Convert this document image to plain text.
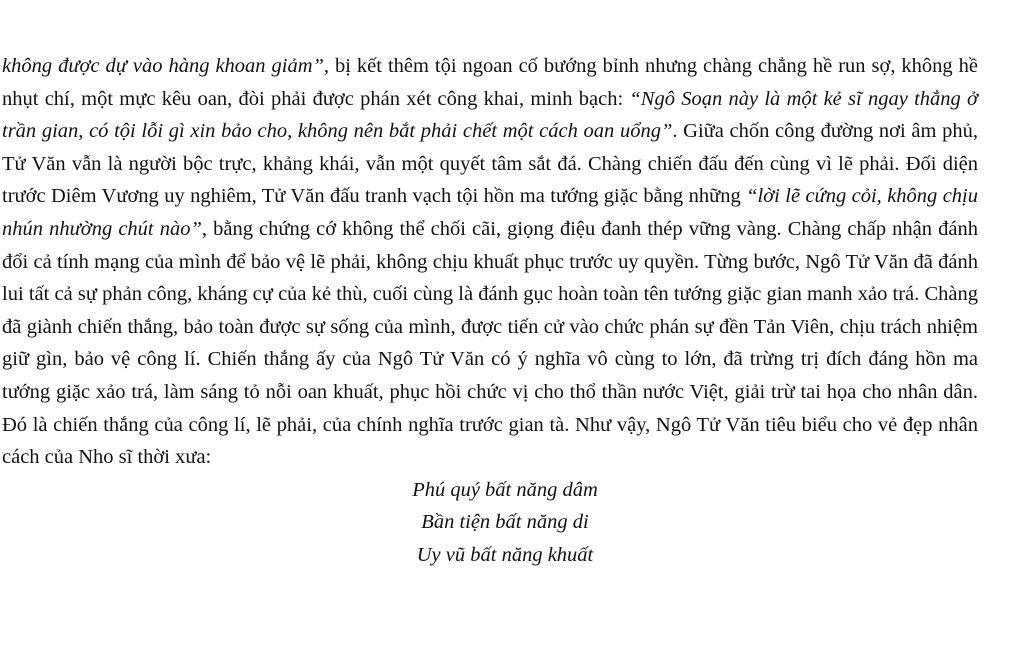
không được dự vào hàng khoan giảm”, bị kết thêm tội ngoan cố bướng bỉnh nhưng chàng chẳng hề run sợ, không hề nhụt chí, một mực kêu oan, đòi phải được phán xét công khai, minh bạch: “Ngô Soạn này là một kẻ sĩ ngay thẳng ở trần gian, có tội lỗi gì xin bảo cho, không nên bắt phải chết một cách oan uổng”. Giữa chốn công đường nơi âm phủ, Tử Văn vẫn là người bộc trực, khảng khái, vẫn một quyết tâm sắt đá. Chàng chiến đấu đến cùng vì lẽ phải. Đối diện trước Diêm Vương uy nghiêm, Tử Văn đấu tranh vạch tội hồn ma tướng giặc bằng những “lời lẽ cứng cỏi, không chịu nhún nhường chút nào”, bằng chứng cớ không thể chối cãi, giọng điệu đanh thép vững vàng. Chàng chấp nhận đánh đổi cả tính mạng của mình để bảo vệ lẽ phải, không chịu khuất phục trước uy quyền. Từng bước, Ngô Tử Văn đã đánh lui tất cả sự phản công, kháng cự của kẻ thù, cuối cùng là đánh gục hoàn toàn tên tướng giặc gian manh xảo trá. Chàng đã giành chiến thắng, bảo toàn được sự sống của mình, được tiến cử vào chức phán sự đền Tản Viên, chịu trách nhiệm giữ gìn, bảo vệ công lí. Chiến thắng ấy của Ngô Tử Văn có ý nghĩa vô cùng to lớn, đã trừng trị đích đáng hồn ma tướng giặc xảo trá, làm sáng tỏ nỗi oan khuất, phục hồi chức vị cho thổ thần nước Việt, giải trừ tai họa cho nhân dân. Đó là chiến thắng của công lí, lẽ phải, của chính nghĩa trước gian tà. Như vậy, Ngô Tử Văn tiêu biểu cho vẻ đẹp nhân cách của Nho sĩ thời xưa:

Phú quý bất năng dâm
Bần tiện bất năng di
Uy vũ bất năng khuất
